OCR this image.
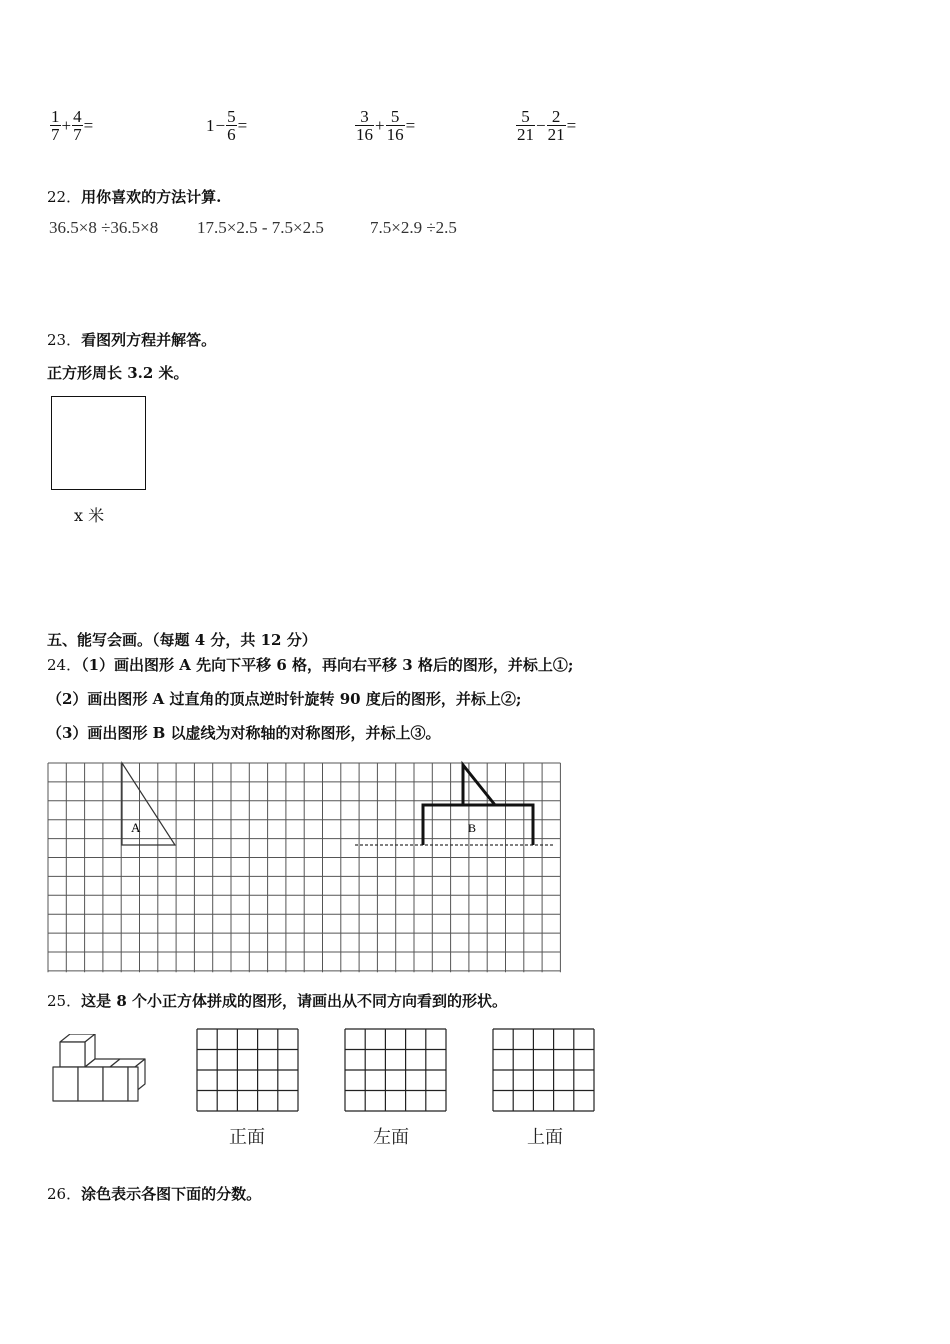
$\frac{1}{7} + \frac{4}{7}$ =	$1 - \frac{5}{6}$ =	$\frac{3}{16} + \frac{5}{16}$ =	$\frac{5}{21} - \frac{2}{21}$ =
22．用你喜欢的方法计算.
36.5×8 ÷36.5×8 17.5×2.5 - 7.5×2.5	7.5×2.9 ÷2.5
23．看图列方程并解答。
正方形周长 3.2 米。
x 米
五、能写会画。（每题 4 分，共 12 分）
24．（1）画出图形 A 先向下平移 6 格，再向右平移 3 格后的图形，并标上①;
（2）画出图形 A 过直角的顶点逆时针旋转 90 度后的图形，并标上②;
（3）画出图形 B 以虚线为对称轴的对称图形，并标上③。
A	B
25．这是 8 个小正方体拼成的图形，请画出从不同方向看到的形状。
正面	左面	上面
26．涂色表示各图下面的分数。
